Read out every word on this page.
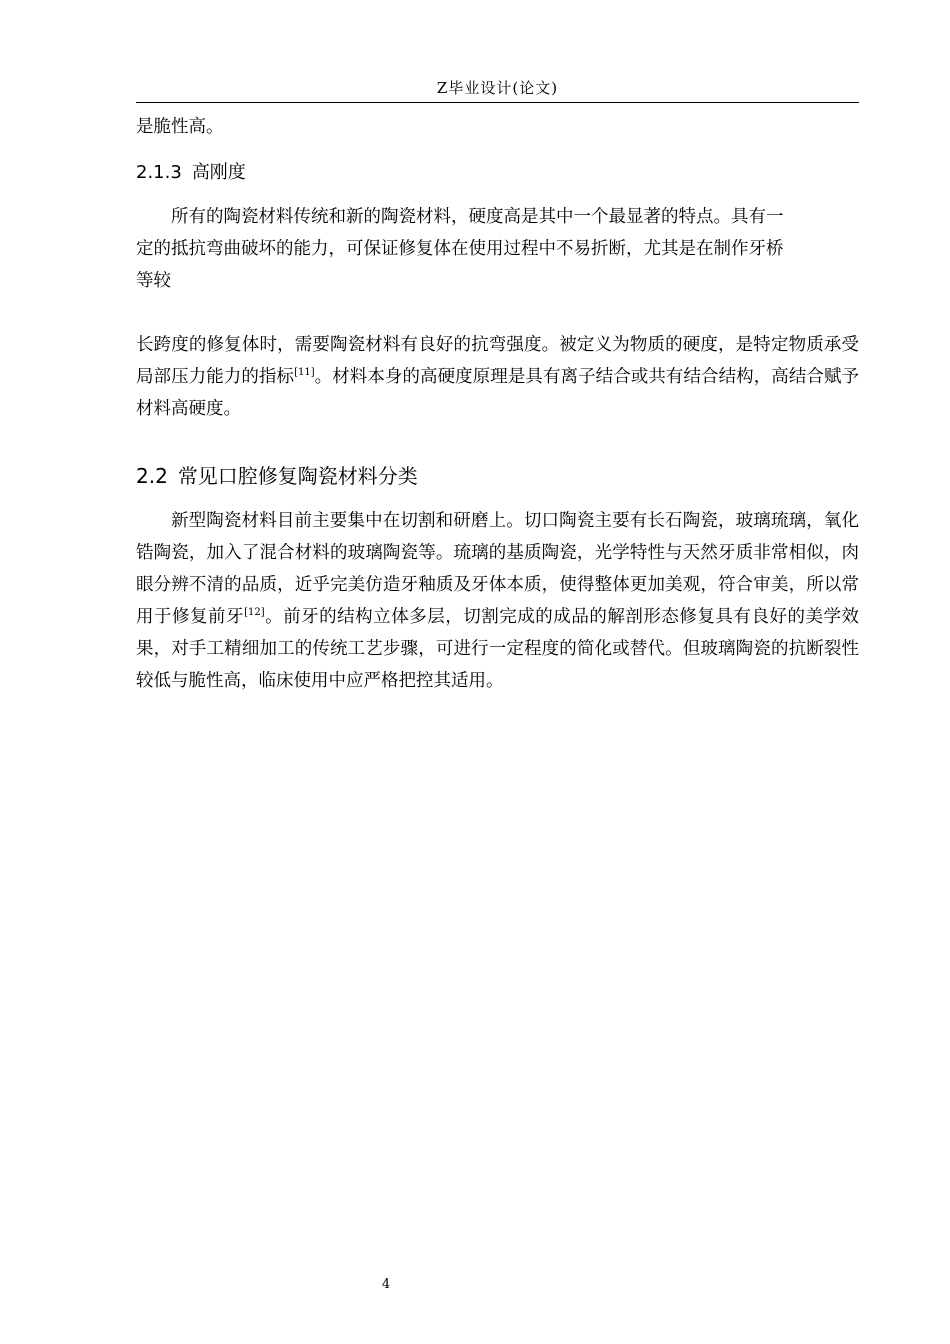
Z毕业设计(论文)
是脆性高。
2.1.3 高刚度
所有的陶瓷材料传统和新的陶瓷材料，硬度高是其中一个最显著的特点。具有一
定的抵抗弯曲破坏的能力，可保证修复体在使用过程中不易折断，尤其是在制作牙桥
等较
长跨度的修复体时，需要陶瓷材料有良好的抗弯强度。被定义为物质的硬度，是特定物质承受局部压力能力的指标[11]。材料本身的高硬度原理是具有离子结合或共有结合结构，高结合赋予材料高硬度。
2.2 常见口腔修复陶瓷材料分类
新型陶瓷材料目前主要集中在切割和研磨上。切口陶瓷主要有长石陶瓷，玻璃琉璃，氧化锆陶瓷，加入了混合材料的玻璃陶瓷等。琉璃的基质陶瓷，光学特性与天然牙质非常相似，肉眼分辨不清的品质，近乎完美仿造牙釉质及牙体本质，使得整体更加美观，符合审美，所以常用于修复前牙[12]。前牙的结构立体多层，切割完成的成品的解剖形态修复具有良好的美学效果，对手工精细加工的传统工艺步骤，可进行一定程度的简化或替代。但玻璃陶瓷的抗断裂性较低与脆性高，临床使用中应严格把控其适用。
4
